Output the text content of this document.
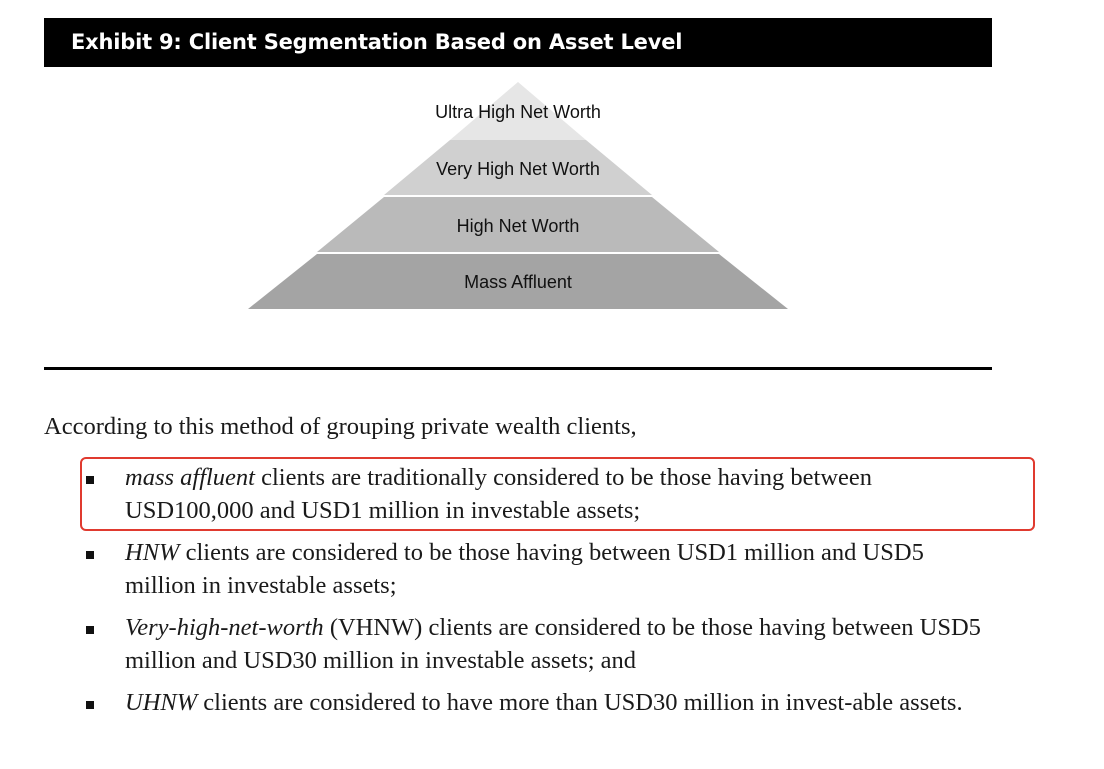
Exhibit 9: Client Segmentation Based on Asset Level
Ultra High Net Worth
Very High Net Worth
High Net Worth
Mass Affluent

According to this method of grouping private wealth clients,

mass affluent clients are traditionally considered to be those having between USD100,000 and USD1 million in investable assets;
HNW clients are considered to be those having between USD1 million and USD5 million in investable assets;
Very-high-net-worth (VHNW) clients are considered to be those having between USD5 million and USD30 million in investable assets; and
UHNW clients are considered to have more than USD30 million in invest-able assets.
